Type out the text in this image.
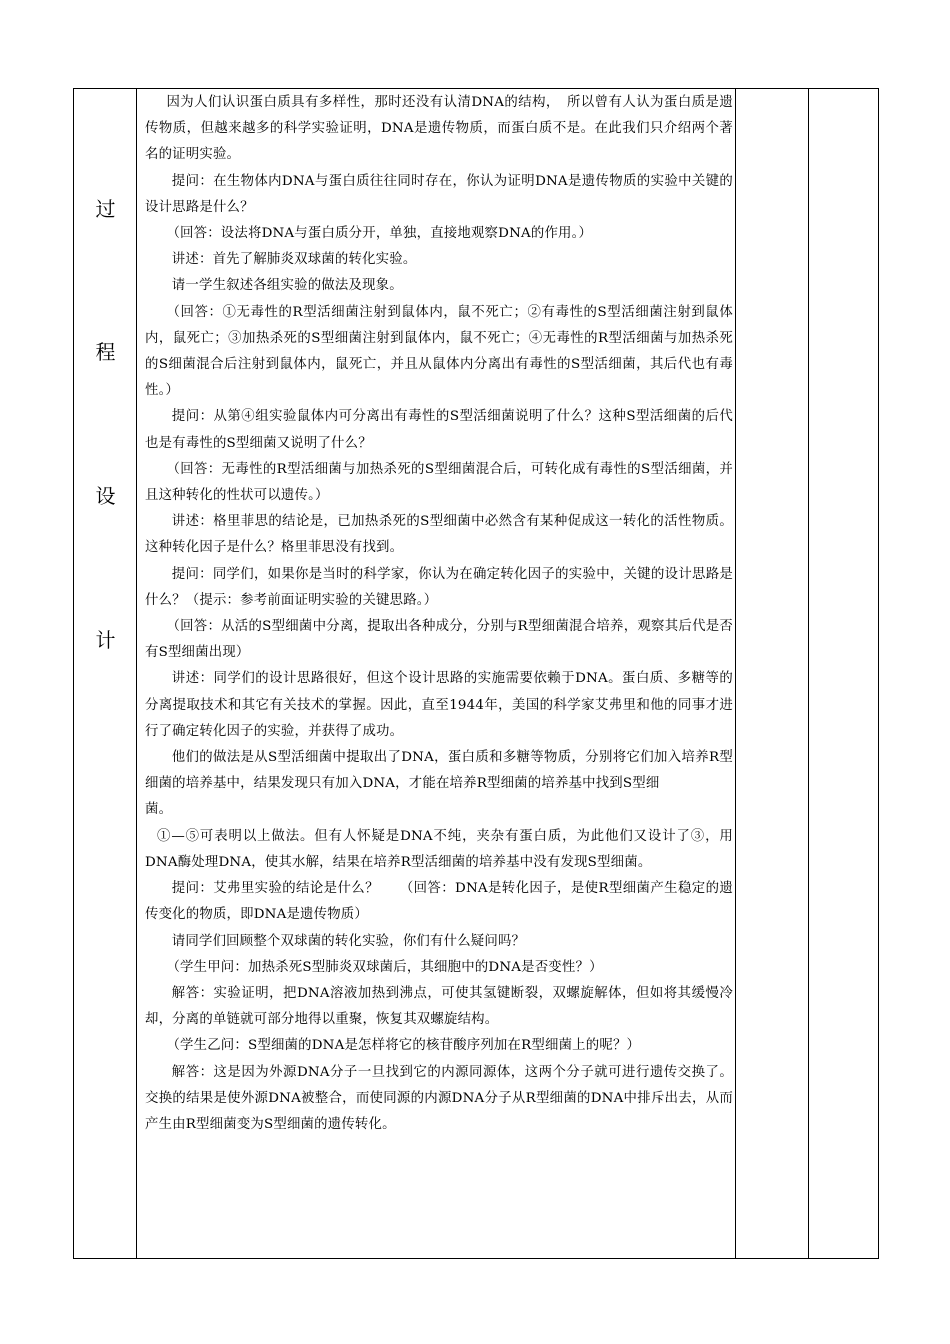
过
程
设
计

因为人们认识蛋白质具有多样性，那时还没有认清DNA的结构，　所以曾有人认为蛋白质是遗传物质，但越来越多的科学实验证明，DNA是遗传物质，而蛋白质不是。在此我们只介绍两个著名的证明实验。

提问：在生物体内DNA与蛋白质往往同时存在，你认为证明DNA是遗传物质的实验中关键的设计思路是什么？

（回答：设法将DNA与蛋白质分开，单独，直接地观察DNA的作用。）

讲述：首先了解肺炎双球菌的转化实验。

请一学生叙述各组实验的做法及现象。

（回答：①无毒性的R型活细菌注射到鼠体内，鼠不死亡；②有毒性的S型活细菌注射到鼠体内，鼠死亡；③加热杀死的S型细菌注射到鼠体内，鼠不死亡；④无毒性的R型活细菌与加热杀死的S细菌混合后注射到鼠体内，鼠死亡，并且从鼠体内分离出有毒性的S型活细菌，其后代也有毒性。）

提问：从第④组实验鼠体内可分离出有毒性的S型活细菌说明了什么？这种S型活细菌的后代也是有毒性的S型细菌又说明了什么？

（回答：无毒性的R型活细菌与加热杀死的S型细菌混合后，可转化成有毒性的S型活细菌，并且这种转化的性状可以遗传。）

讲述：格里菲思的结论是，已加热杀死的S型细菌中必然含有某种促成这一转化的活性物质。这种转化因子是什么？格里菲思没有找到。

提问：同学们，如果你是当时的科学家，你认为在确定转化因子的实验中，关键的设计思路是什么？（提示：参考前面证明实验的关键思路。）

（回答：从活的S型细菌中分离，提取出各种成分，分别与R型细菌混合培养，观察其后代是否有S型细菌出现）

讲述：同学们的设计思路很好，但这个设计思路的实施需要依赖于DNA。蛋白质、多糖等的分离提取技术和其它有关技术的掌握。因此，直至1944年，美国的科学家艾弗里和他的同事才进行了确定转化因子的实验，并获得了成功。

他们的做法是从S型活细菌中提取出了DNA，蛋白质和多糖等物质，分别将它们加入培养R型细菌的培养基中，结果发现只有加入DNA，才能在培养R型细菌的培养基中找到S型细

菌。

①—⑤可表明以上做法。但有人怀疑是DNA不纯，夹杂有蛋白质，为此他们又设计了③，用DNA酶处理DNA，使其水解，结果在培养R型活细菌的培养基中没有发现S型细菌。

提问：艾弗里实验的结论是什么？　　（回答：DNA是转化因子，是使R型细菌产生稳定的遗传变化的物质，即DNA是遗传物质）

请同学们回顾整个双球菌的转化实验，你们有什么疑问吗？

（学生甲问：加热杀死S型肺炎双球菌后，其细胞中的DNA是否变性？）

解答：实验证明，把DNA溶液加热到沸点，可使其氢键断裂，双螺旋解体，但如将其缓慢冷却，分离的单链就可部分地得以重聚，恢复其双螺旋结构。

（学生乙问：S型细菌的DNA是怎样将它的核苷酸序列加在R型细菌上的呢？）

解答：这是因为外源DNA分子一旦找到它的内源同源体，这两个分子就可进行遗传交换了。交换的结果是使外源DNA被整合，而使同源的内源DNA分子从R型细菌的DNA中排斥出去，从而产生由R型细菌变为S型细菌的遗传转化。
